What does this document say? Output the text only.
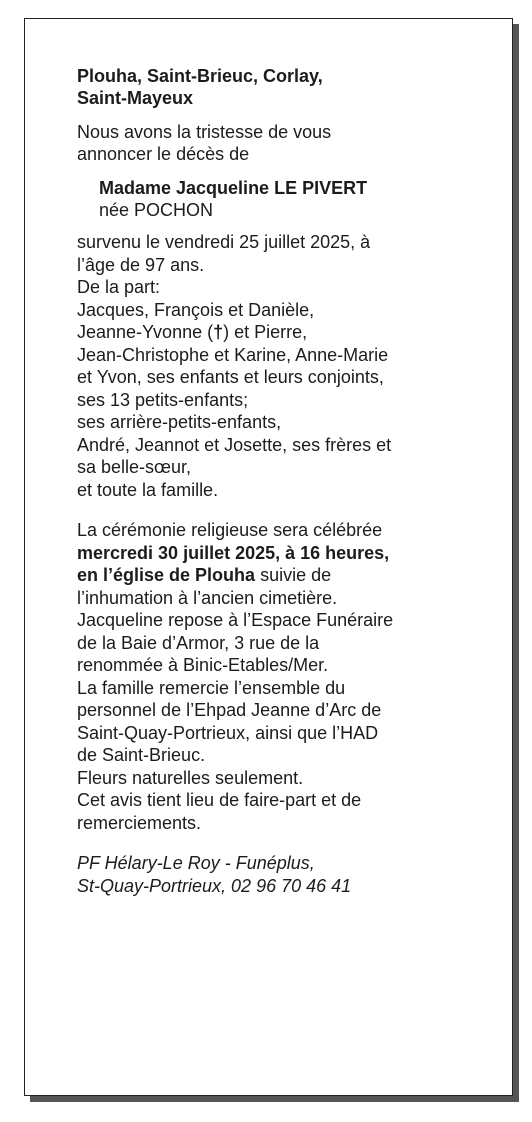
Plouha, Saint-Brieuc, Corlay,
Saint-Mayeux
Nous avons la tristesse de vous
annoncer le décès de
Madame Jacqueline LE PIVERT
née POCHON
survenu le vendredi 25 juillet 2025, à
l’âge de 97 ans.
De la part:
Jacques, François et Danièle,
Jeanne-Yvonne (†) et Pierre,
Jean-Christophe et Karine, Anne-Marie
et Yvon, ses enfants et leurs conjoints,
ses 13 petits-enfants;
ses arrière-petits-enfants,
André, Jeannot et Josette, ses frères et
sa belle-sœur,
et toute la famille.
La cérémonie religieuse sera célébrée
mercredi 30 juillet 2025, à 16 heures,
en l’église de Plouha suivie de
l’inhumation à l’ancien cimetière.
Jacqueline repose à l’Espace Funéraire
de la Baie d’Armor, 3 rue de la
renommée à Binic-Etables/Mer.
La famille remercie l’ensemble du
personnel de l’Ehpad Jeanne d’Arc de
Saint-Quay-Portrieux, ainsi que l’HAD
de Saint-Brieuc.
Fleurs naturelles seulement.
Cet avis tient lieu de faire-part et de
remerciements.
PF Hélary-Le Roy - Funéplus,
St-Quay-Portrieux, 02 96 70 46 41
